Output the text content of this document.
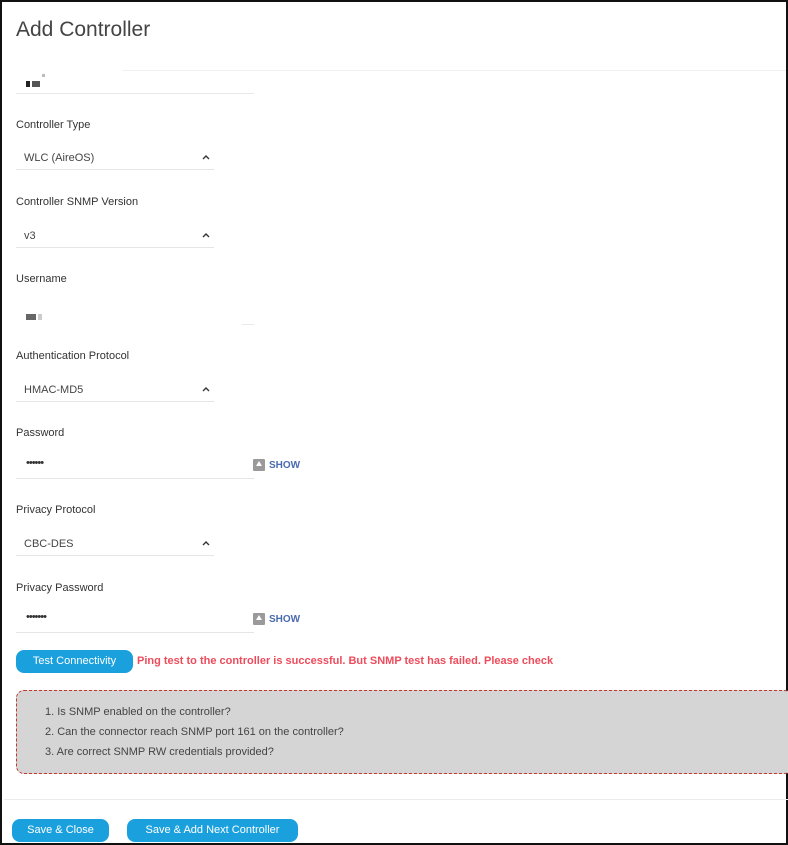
Add Controller
Controller Type
WLC (AireOS)
Controller SNMP Version
v3
Username
Authentication Protocol
HMAC-MD5
Password
••••••	SHOW
Privacy Protocol
CBC-DES
Privacy Password
•••••••	SHOW
Test Connectivity	Ping test to the controller is successful. But SNMP test has failed. Please check
1. Is SNMP enabled on the controller?
2. Can the connector reach SNMP port 161 on the controller?
3. Are correct SNMP RW credentials provided?
Save & Close	Save & Add Next Controller
